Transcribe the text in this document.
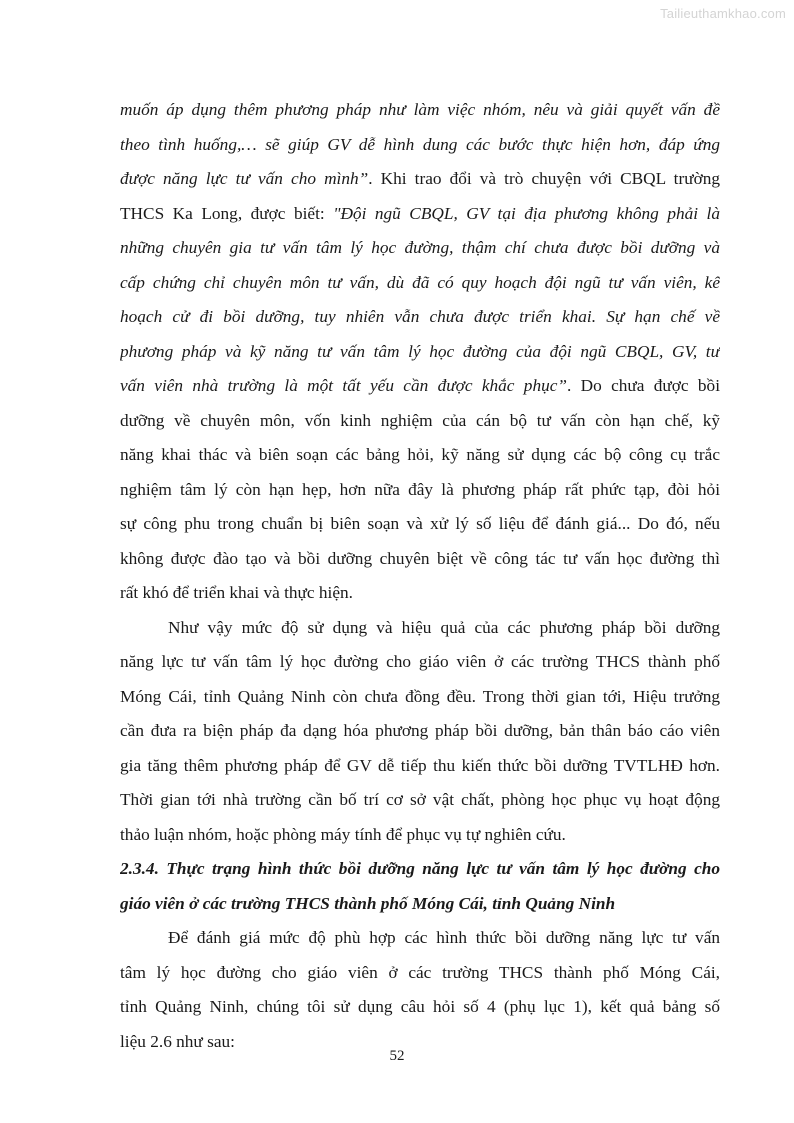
Tailieuthamkhao.com
muốn áp dụng thêm phương pháp như làm việc nhóm, nêu và giải quyết vấn đề
theo tình huống,… sẽ giúp GV dễ hình dung các bước thực hiện hơn, đáp ứng
được năng lực tư vấn cho mình”. Khi trao đổi và trò chuyện với CBQL trường
THCS Ka Long, được biết: "Đội ngũ CBQL, GV tại địa phương không phải là
những chuyên gia tư vấn tâm lý học đường, thậm chí chưa được bồi dưỡng và
cấp chứng chỉ chuyên môn tư vấn, dù đã có quy hoạch đội ngũ tư vấn viên, kế
hoạch cử đi bồi dưỡng, tuy nhiên vẫn chưa được triển khai. Sự hạn chế về
phương pháp và kỹ năng tư vấn tâm lý học đường của đội ngũ CBQL, GV, tư
vấn viên nhà trường là một tất yếu cần được khắc phục”. Do chưa được bồi
dưỡng về chuyên môn, vốn kinh nghiệm của cán bộ tư vấn còn hạn chế, kỹ
năng khai thác và biên soạn các bảng hỏi, kỹ năng sử dụng các bộ công cụ trắc
nghiệm tâm lý còn hạn hẹp, hơn nữa đây là phương pháp rất phức tạp, đòi hỏi
sự công phu trong chuẩn bị biên soạn và xử lý số liệu để đánh giá... Do đó, nếu
không được đào tạo và bồi dưỡng chuyên biệt về công tác tư vấn học đường thì
rất khó để triển khai và thực hiện.
Như vậy mức độ sử dụng và hiệu quả của các phương pháp bồi dưỡng
năng lực tư vấn tâm lý học đường cho giáo viên ở các trường THCS thành phố
Móng Cái, tỉnh Quảng Ninh còn chưa đồng đều. Trong thời gian tới, Hiệu trưởng
cần đưa ra biện pháp đa dạng hóa phương pháp bồi dưỡng, bản thân báo cáo viên
gia tăng thêm phương pháp để GV dễ tiếp thu kiến thức bồi dưỡng TVTLHĐ hơn.
Thời gian tới nhà trường cần bố trí cơ sở vật chất, phòng học phục vụ hoạt động
thảo luận nhóm, hoặc phòng máy tính để phục vụ tự nghiên cứu.
2.3.4. Thực trạng hình thức bồi dưỡng năng lực tư vấn tâm lý học đường cho
giáo viên ở các trường THCS thành phố Móng Cái, tỉnh Quảng Ninh
Để đánh giá mức độ phù hợp các hình thức bồi dưỡng năng lực tư vấn
tâm lý học đường cho giáo viên ở các trường THCS thành phố Móng Cái,
tỉnh Quảng Ninh, chúng tôi sử dụng câu hỏi số 4 (phụ lục 1), kết quả bảng số
liệu 2.6 như sau:
52
